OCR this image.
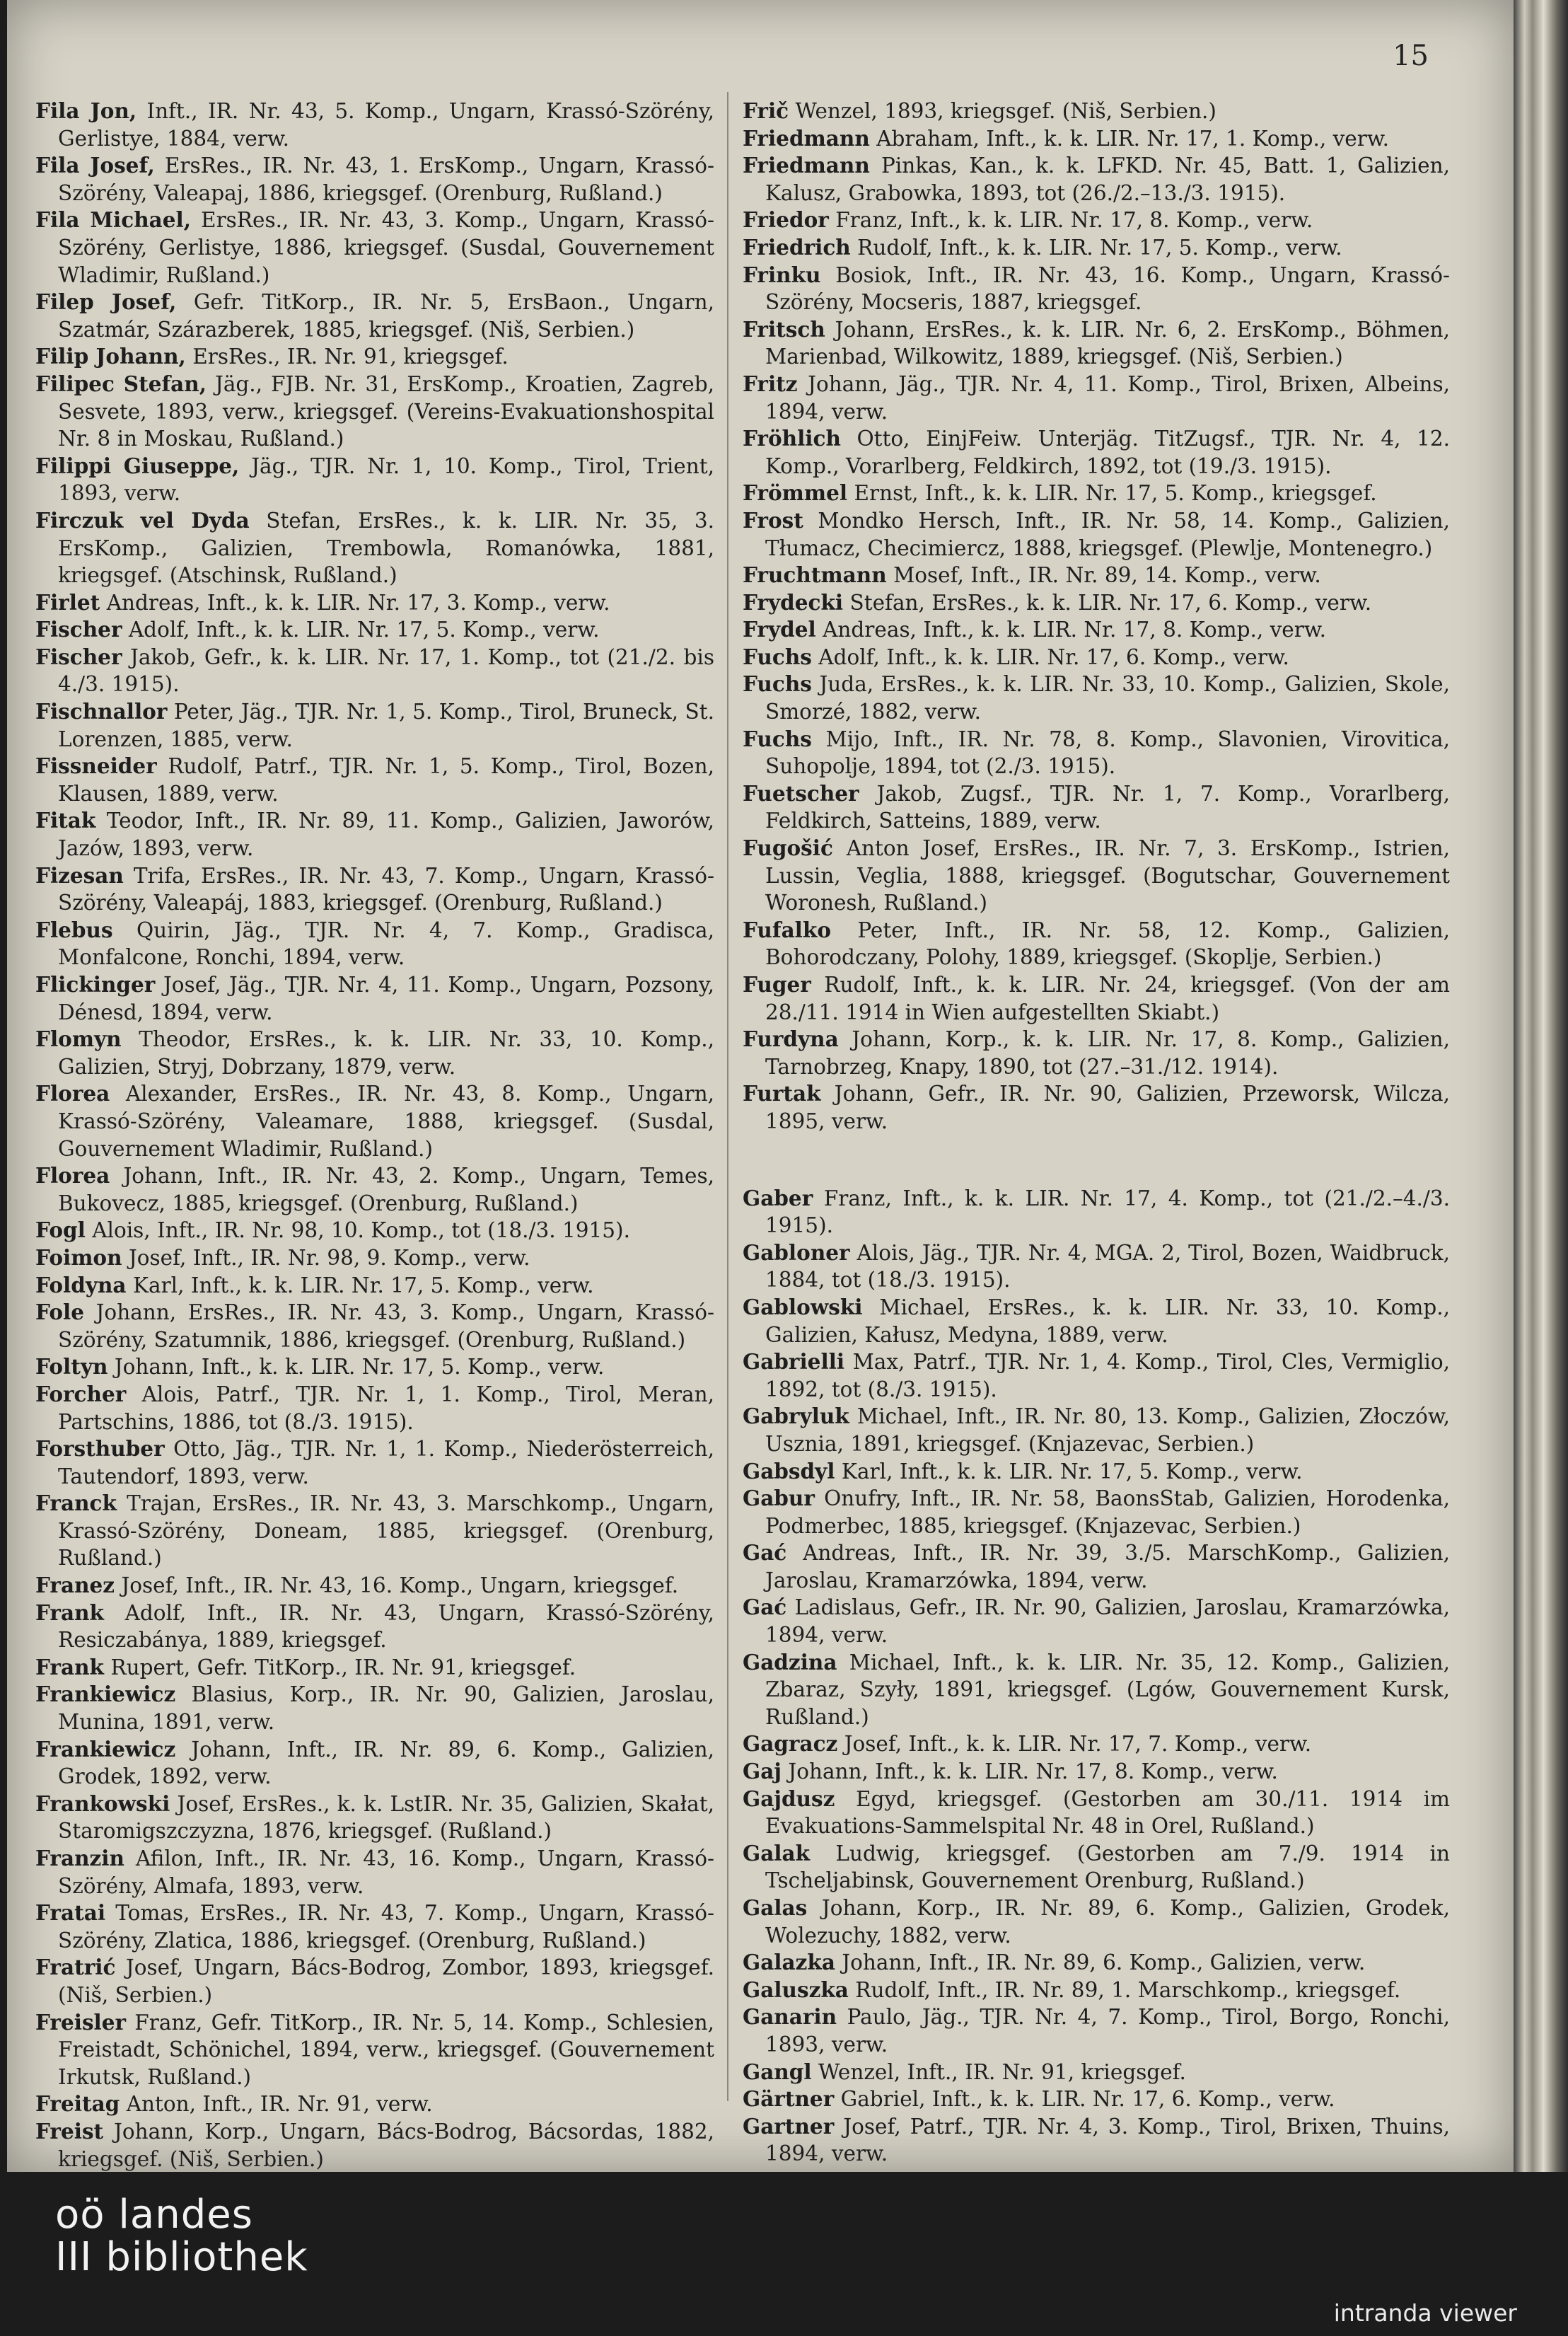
15

Fila Jon, Inft., IR. Nr. 43, 5. Komp., Ungarn, Krassó-Szörény, Gerlistye, 1884, verw.

Fila Josef, ErsRes., IR. Nr. 43, 1. ErsKomp., Ungarn, Krassó-Szörény, Valeapaj, 1886, kriegsgef. (Orenburg, Rußland.)

Fila Michael, ErsRes., IR. Nr. 43, 3. Komp., Ungarn, Krassó-Szörény, Gerlistye, 1886, kriegsgef. (Susdal, Gouvernement Wladimir, Rußland.)

Filep Josef, Gefr. TitKorp., IR. Nr. 5, ErsBaon., Ungarn, Szatmár, Szárazberek, 1885, kriegsgef. (Niš, Serbien.)

Filip Johann, ErsRes., IR. Nr. 91, kriegsgef.

Filipec Stefan, Jäg., FJB. Nr. 31, ErsKomp., Kroatien, Zagreb, Sesvete, 1893, verw., kriegsgef. (Vereins-Evakuationshospital Nr. 8 in Moskau, Rußland.)

Filippi Giuseppe, Jäg., TJR. Nr. 1, 10. Komp., Tirol, Trient, 1893, verw.

Firczuk vel Dyda Stefan, ErsRes., k. k. LIR. Nr. 35, 3. ErsKomp., Galizien, Trembowla, Romanówka, 1881, kriegsgef. (Atschinsk, Rußland.)

Firlet Andreas, Inft., k. k. LIR. Nr. 17, 3. Komp., verw.

Fischer Adolf, Inft., k. k. LIR. Nr. 17, 5. Komp., verw.

Fischer Jakob, Gefr., k. k. LIR. Nr. 17, 1. Komp., tot (21./2. bis 4./3. 1915).

Fischnallor Peter, Jäg., TJR. Nr. 1, 5. Komp., Tirol, Bruneck, St. Lorenzen, 1885, verw.

Fissneider Rudolf, Patrf., TJR. Nr. 1, 5. Komp., Tirol, Bozen, Klausen, 1889, verw.

Fitak Teodor, Inft., IR. Nr. 89, 11. Komp., Galizien, Jaworów, Jazów, 1893, verw.

Fizesan Trifa, ErsRes., IR. Nr. 43, 7. Komp., Ungarn, Krassó-Szörény, Valeapáj, 1883, kriegsgef. (Orenburg, Rußland.)

Flebus Quirin, Jäg., TJR. Nr. 4, 7. Komp., Gradisca, Monfalcone, Ronchi, 1894, verw.

Flickinger Josef, Jäg., TJR. Nr. 4, 11. Komp., Ungarn, Pozsony, Dénesd, 1894, verw.

Flomyn Theodor, ErsRes., k. k. LIR. Nr. 33, 10. Komp., Galizien, Stryj, Dobrzany, 1879, verw.

Florea Alexander, ErsRes., IR. Nr. 43, 8. Komp., Ungarn, Krassó-Szörény, Valeamare, 1888, kriegsgef. (Susdal, Gouvernement Wladimir, Rußland.)

Florea Johann, Inft., IR. Nr. 43, 2. Komp., Ungarn, Temes, Bukovecz, 1885, kriegsgef. (Orenburg, Rußland.)

Fogl Alois, Inft., IR. Nr. 98, 10. Komp., tot (18./3. 1915).

Foimon Josef, Inft., IR. Nr. 98, 9. Komp., verw.

Foldyna Karl, Inft., k. k. LIR. Nr. 17, 5. Komp., verw.

Fole Johann, ErsRes., IR. Nr. 43, 3. Komp., Ungarn, Krassó-Szörény, Szatumnik, 1886, kriegsgef. (Orenburg, Rußland.)

Foltyn Johann, Inft., k. k. LIR. Nr. 17, 5. Komp., verw.

Forcher Alois, Patrf., TJR. Nr. 1, 1. Komp., Tirol, Meran, Partschins, 1886, tot (8./3. 1915).

Forsthuber Otto, Jäg., TJR. Nr. 1, 1. Komp., Niederösterreich, Tautendorf, 1893, verw.

Franck Trajan, ErsRes., IR. Nr. 43, 3. Marschkomp., Ungarn, Krassó-Szörény, Doneam, 1885, kriegsgef. (Orenburg, Rußland.)

Franez Josef, Inft., IR. Nr. 43, 16. Komp., Ungarn, kriegsgef.

Frank Adolf, Inft., IR. Nr. 43, Ungarn, Krassó-Szörény, Resiczabánya, 1889, kriegsgef.

Frank Rupert, Gefr. TitKorp., IR. Nr. 91, kriegsgef.

Frankiewicz Blasius, Korp., IR. Nr. 90, Galizien, Jaroslau, Munina, 1891, verw.

Frankiewicz Johann, Inft., IR. Nr. 89, 6. Komp., Galizien, Grodek, 1892, verw.

Frankowski Josef, ErsRes., k. k. LstIR. Nr. 35, Galizien, Skałat, Staromigszczyzna, 1876, kriegsgef. (Rußland.)

Franzin Afilon, Inft., IR. Nr. 43, 16. Komp., Ungarn, Krassó-Szörény, Almafa, 1893, verw.

Fratai Tomas, ErsRes., IR. Nr. 43, 7. Komp., Ungarn, Krassó-Szörény, Zlatica, 1886, kriegsgef. (Orenburg, Rußland.)

Fratrić Josef, Ungarn, Bács-Bodrog, Zombor, 1893, kriegsgef. (Niš, Serbien.)

Freisler Franz, Gefr. TitKorp., IR. Nr. 5, 14. Komp., Schlesien, Freistadt, Schönichel, 1894, verw., kriegsgef. (Gouvernement Irkutsk, Rußland.)

Freitag Anton, Inft., IR. Nr. 91, verw.

Freist Johann, Korp., Ungarn, Bács-Bodrog, Bácsordas, 1882, kriegsgef. (Niš, Serbien.)

Frič Wenzel, 1893, kriegsgef. (Niš, Serbien.)

Friedmann Abraham, Inft., k. k. LIR. Nr. 17, 1. Komp., verw.

Friedmann Pinkas, Kan., k. k. LFKD. Nr. 45, Batt. 1, Galizien, Kalusz, Grabowka, 1893, tot (26./2.–13./3. 1915).

Friedor Franz, Inft., k. k. LIR. Nr. 17, 8. Komp., verw.

Friedrich Rudolf, Inft., k. k. LIR. Nr. 17, 5. Komp., verw.

Frinku Bosiok, Inft., IR. Nr. 43, 16. Komp., Ungarn, Krassó-Szörény, Mocseris, 1887, kriegsgef.

Fritsch Johann, ErsRes., k. k. LIR. Nr. 6, 2. ErsKomp., Böhmen, Marienbad, Wilkowitz, 1889, kriegsgef. (Niš, Serbien.)

Fritz Johann, Jäg., TJR. Nr. 4, 11. Komp., Tirol, Brixen, Albeins, 1894, verw.

Fröhlich Otto, EinjFeiw. Unterjäg. TitZugsf., TJR. Nr. 4, 12. Komp., Vorarlberg, Feldkirch, 1892, tot (19./3. 1915).

Frömmel Ernst, Inft., k. k. LIR. Nr. 17, 5. Komp., kriegsgef.

Frost Mondko Hersch, Inft., IR. Nr. 58, 14. Komp., Galizien, Tłumacz, Checimiercz, 1888, kriegsgef. (Plewlje, Montenegro.)

Fruchtmann Mosef, Inft., IR. Nr. 89, 14. Komp., verw.

Frydecki Stefan, ErsRes., k. k. LIR. Nr. 17, 6. Komp., verw.

Frydel Andreas, Inft., k. k. LIR. Nr. 17, 8. Komp., verw.

Fuchs Adolf, Inft., k. k. LIR. Nr. 17, 6. Komp., verw.

Fuchs Juda, ErsRes., k. k. LIR. Nr. 33, 10. Komp., Galizien, Skole, Smorzé, 1882, verw.

Fuchs Mijo, Inft., IR. Nr. 78, 8. Komp., Slavonien, Virovitica, Suhopolje, 1894, tot (2./3. 1915).

Fuetscher Jakob, Zugsf., TJR. Nr. 1, 7. Komp., Vorarlberg, Feldkirch, Satteins, 1889, verw.

Fugošić Anton Josef, ErsRes., IR. Nr. 7, 3. ErsKomp., Istrien, Lussin, Veglia, 1888, kriegsgef. (Bogutschar, Gouvernement Woronesh, Rußland.)

Fufalko Peter, Inft., IR. Nr. 58, 12. Komp., Galizien, Bohorodczany, Polohy, 1889, kriegsgef. (Skoplje, Serbien.)

Fuger Rudolf, Inft., k. k. LIR. Nr. 24, kriegsgef. (Von der am 28./11. 1914 in Wien aufgestellten Skiabt.)

Furdyna Johann, Korp., k. k. LIR. Nr. 17, 8. Komp., Galizien, Tarnobrzeg, Knapy, 1890, tot (27.–31./12. 1914).

Furtak Johann, Gefr., IR. Nr. 90, Galizien, Przeworsk, Wilcza, 1895, verw.

Gaber Franz, Inft., k. k. LIR. Nr. 17, 4. Komp., tot (21./2.–4./3. 1915).

Gabloner Alois, Jäg., TJR. Nr. 4, MGA. 2, Tirol, Bozen, Waidbruck, 1884, tot (18./3. 1915).

Gablowski Michael, ErsRes., k. k. LIR. Nr. 33, 10. Komp., Galizien, Kałusz, Medyna, 1889, verw.

Gabrielli Max, Patrf., TJR. Nr. 1, 4. Komp., Tirol, Cles, Vermiglio, 1892, tot (8./3. 1915).

Gabryluk Michael, Inft., IR. Nr. 80, 13. Komp., Galizien, Złoczów, Usznia, 1891, kriegsgef. (Knjazevac, Serbien.)

Gabsdyl Karl, Inft., k. k. LIR. Nr. 17, 5. Komp., verw.

Gabur Onufry, Inft., IR. Nr. 58, BaonsStab, Galizien, Horodenka, Podmerbec, 1885, kriegsgef. (Knjazevac, Serbien.)

Gać Andreas, Inft., IR. Nr. 39, 3./5. MarschKomp., Galizien, Jaroslau, Kramarzówka, 1894, verw.

Gać Ladislaus, Gefr., IR. Nr. 90, Galizien, Jaroslau, Kramarzówka, 1894, verw.

Gadzina Michael, Inft., k. k. LIR. Nr. 35, 12. Komp., Galizien, Zbaraz, Szyły, 1891, kriegsgef. (Lgów, Gouvernement Kursk, Rußland.)

Gagracz Josef, Inft., k. k. LIR. Nr. 17, 7. Komp., verw.

Gaj Johann, Inft., k. k. LIR. Nr. 17, 8. Komp., verw.

Gajdusz Egyd, kriegsgef. (Gestorben am 30./11. 1914 im Evakuations-Sammelspital Nr. 48 in Orel, Rußland.)

Galak Ludwig, kriegsgef. (Gestorben am 7./9. 1914 in Tscheljabinsk, Gouvernement Orenburg, Rußland.)

Galas Johann, Korp., IR. Nr. 89, 6. Komp., Galizien, Grodek, Wolezuchy, 1882, verw.

Galazka Johann, Inft., IR. Nr. 89, 6. Komp., Galizien, verw.

Galuszka Rudolf, Inft., IR. Nr. 89, 1. Marschkomp., kriegsgef.

Ganarin Paulo, Jäg., TJR. Nr. 4, 7. Komp., Tirol, Borgo, Ronchi, 1893, verw.

Gangl Wenzel, Inft., IR. Nr. 91, kriegsgef.

Gärtner Gabriel, Inft., k. k. LIR. Nr. 17, 6. Komp., verw.

Gartner Josef, Patrf., TJR. Nr. 4, 3. Komp., Tirol, Brixen, Thuins, 1894, verw.

oö landes
III bibliothek
intranda viewer
